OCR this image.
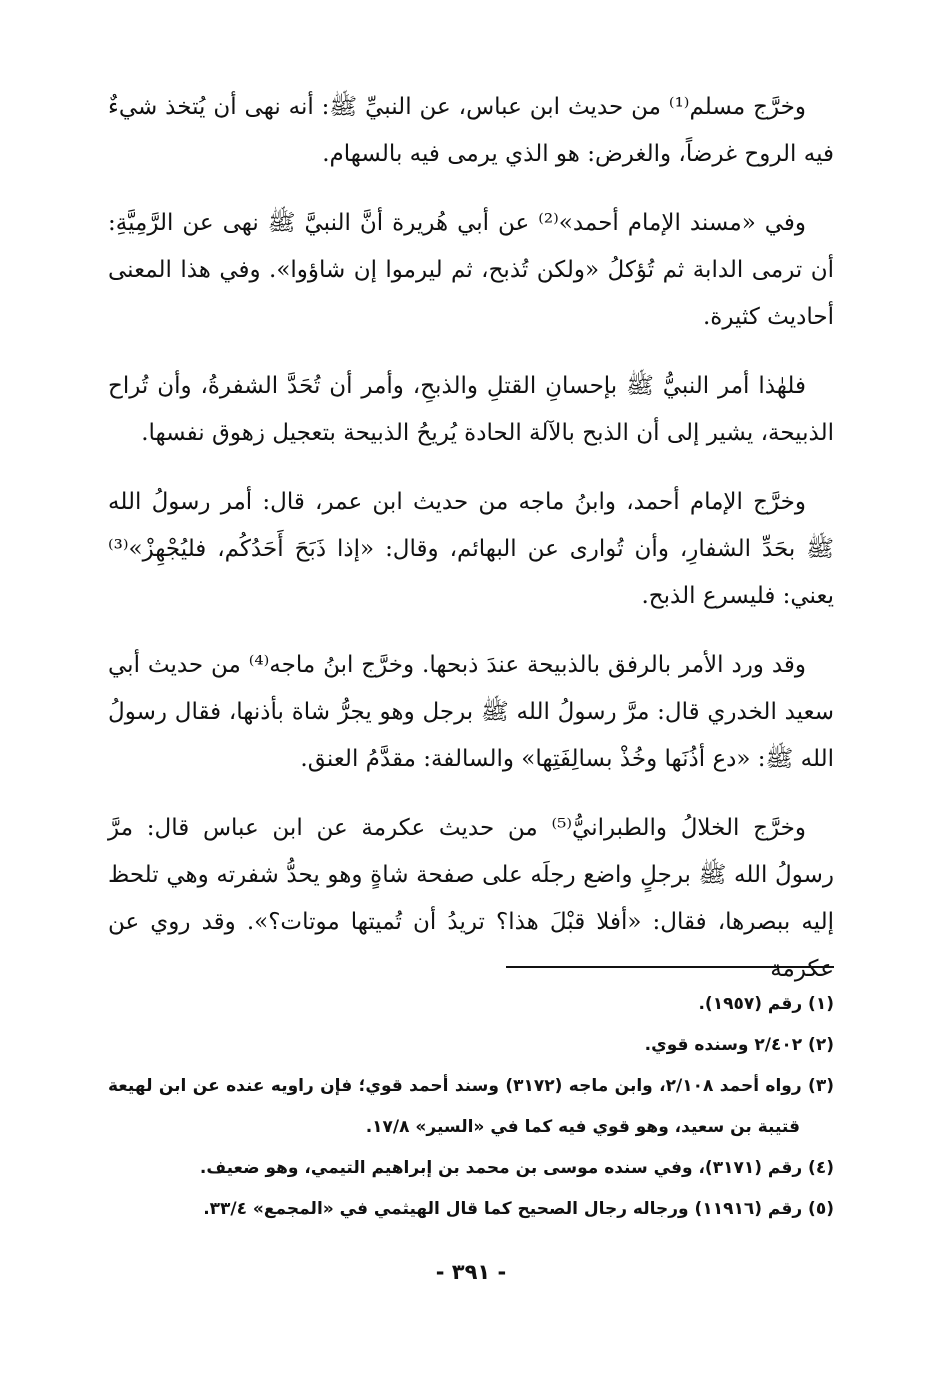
وخرَّج مسلم⁽¹⁾ من حديث ابن عباس، عن النبيِّ ﷺ: أنه نهى أن يُتخذ شيءٌ فيه الروح غرضاً، والغرض: هو الذي يرمى فيه بالسهام.

وفي «مسند الإمام أحمد»⁽²⁾ عن أبي هُريرة أنَّ النبيَّ ﷺ نهى عن الرَّمِيَّةِ: أن ترمى الدابة ثم تُؤكلُ «ولكن تُذبح، ثم ليرموا إن شاؤوا». وفي هذا المعنى أحاديث كثيرة.

فلهٰذا أمر النبيُّ ﷺ بإحسانِ القتلِ والذبحِ، وأمر أن تُحَدَّ الشفرةُ، وأن تُراح الذبيحة، يشير إلى أن الذبح بالآلة الحادة يُريحُ الذبيحة بتعجيل زهوق نفسها.

وخرَّج الإمام أحمد، وابنُ ماجه من حديث ابن عمر، قال: أمر رسولُ الله ﷺ بحَدِّ الشفارِ، وأن تُوارى عن البهائم، وقال: «إذا ذَبَحَ أَحَدُكُم، فليُجْهِزْ»⁽³⁾ يعني: فليسرع الذبح.

وقد ورد الأمر بالرفق بالذبيحة عندَ ذبحها. وخرَّج ابنُ ماجه⁽⁴⁾ من حديث أبي سعيد الخدري قال: مرَّ رسولُ الله ﷺ برجل وهو يجرُّ شاة بأذنها، فقال رسولُ الله ﷺ: «دع أذُنَها وخُذْ بسالِفَتِها» والسالفة: مقدَّمُ العنق.

وخرَّج الخلالُ والطبرانيُّ⁽⁵⁾ من حديث عكرمة عن ابن عباس قال: مرَّ رسولُ الله ﷺ برجلٍ واضع رجلَه على صفحة شاةٍ وهو يحدُّ شفرته وهي تلحظ إليه ببصرها، فقال: «أفلا قبْلَ هذا؟ تريدُ أن تُميتها موتات؟». وقد روي عن عكرمة

(١) رقم (١٩٥٧).

(٢) ٢/٤٠٢ وسنده قوي.

(٣) رواه أحمد ٢/١٠٨، وابن ماجه (٣١٧٢) وسند أحمد قوي؛ فإن راويه عنده عن ابن لهيعة قتيبة بن سعيد، وهو قوي فيه كما في «السير» ١٧/٨.

(٤) رقم (٣١٧١)، وفي سنده موسى بن محمد بن إبراهيم التيمي، وهو ضعيف.

(٥) رقم (١١٩١٦) ورجاله رجال الصحيح كما قال الهيثمي في «المجمع» ٣٣/٤.

- ٣٩١ -
